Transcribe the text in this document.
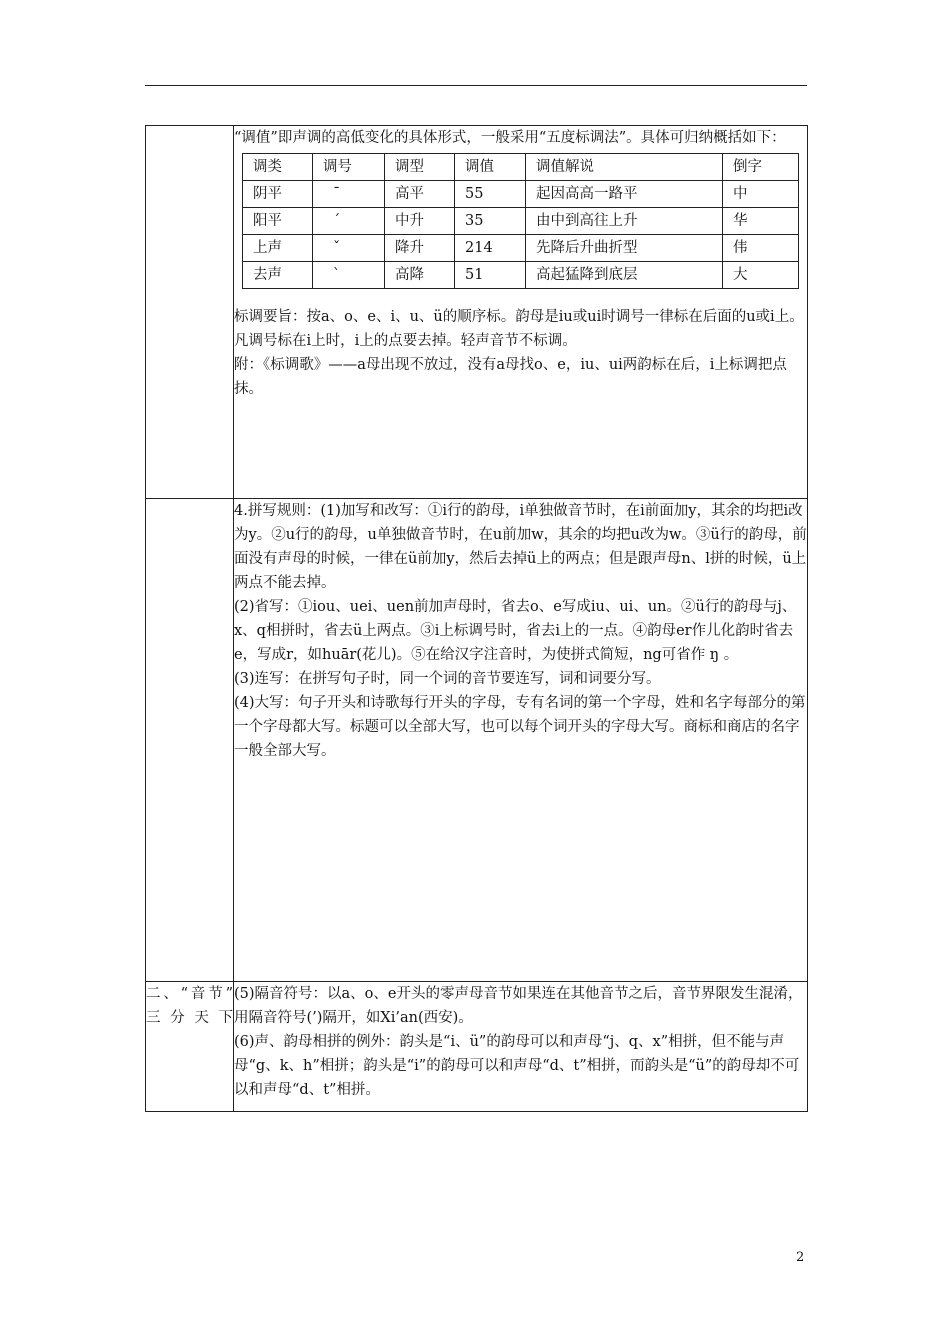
“调值”即声调的高低变化的具体形式，一般采用“五度标调法”。具体可归纳概括如下：

调类	调号	调型	调值	调值解说	倒字
阴平	ˉ	高平	55	起因高高一路平	中
阳平	ˊ	中升	35	由中到高往上升	华
上声	ˇ	降升	214	先降后升曲折型	伟
去声	ˋ	高降	51	高起猛降到底层	大

标调要旨：按a、o、e、i、u、ü的顺序标。韵母是iu或ui时调号一律标在后面的u或i上。凡调号标在i上时，i上的点要去掉。轻声音节不标调。

附：《标调歌》——a母出现不放过，没有a母找o、e，iu、ui两韵标在后，i上标调把点抹。

4.拼写规则：(1)加写和改写：①i行的韵母，i单独做音节时，在i前面加y，其余的均把i改为y。②u行的韵母，u单独做音节时，在u前加w，其余的均把u改为w。③ü行的韵母，前面没有声母的时候，一律在ü前加y，然后去掉ü上的两点；但是跟声母n、l拼的时候，ü上两点不能去掉。

(2)省写：①iou、uei、uen前加声母时，省去o、e写成iu、ui、un。②ü行的韵母与j、x、q相拼时，省去ü上两点。③i上标调号时，省去i上的一点。④韵母er作儿化韵时省去e，写成r，如huār(花儿)。⑤在给汉字注音时，为使拼式简短，ng可省作 ŋ 。

(3)连写：在拼写句子时，同一个词的音节要连写，词和词要分写。

(4)大写：句子开头和诗歌每行开头的字母，专有名词的第一个字母，姓和名字每部分的第一个字母都大写。标题可以全部大写，也可以每个词开头的字母大写。商标和商店的名字一般全部大写。

二、“音节” 三分天下	

(5)隔音符号：以a、o、e开头的零声母音节如果连在其他音节之后，音节界限发生混淆，用隔音符号(’)隔开，如Xi’an(西安)。

(6)声、韵母相拼的例外：韵头是“i、ü”的韵母可以和声母“j、q、x”相拼，但不能与声母“g、k、h”相拼；韵头是“i”的韵母可以和声母“d、t”相拼，而韵头是“ü”的韵母却不可以和声母“d、t”相拼。

2
